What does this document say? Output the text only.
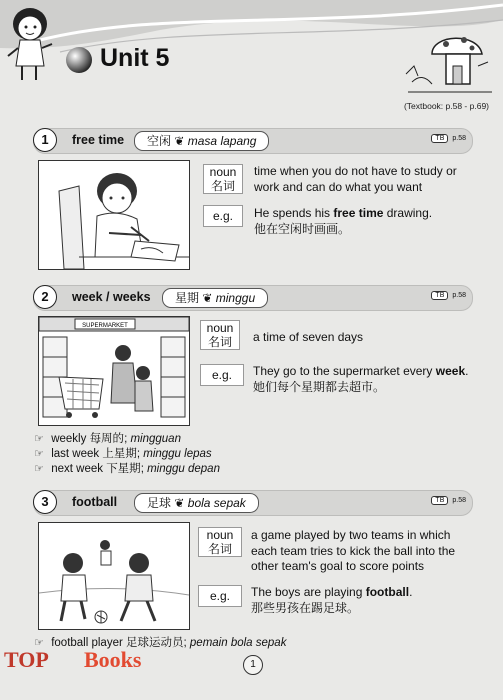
Unit 5
(Textbook: p.58 - p.69)
1	free time	空闲 ❦ masa lapang	TB p.58
noun
名词
time when you do not have to study or work and can do what you want
e.g.	He spends his free time drawing.
他在空闲时画画。
2	week / weeks	星期 ❦ minggu	TB p.58
SUPERMARKET	noun
名词	a time of seven days
e.g.	They go to the supermarket every week.
她们每个星期都去超市。
☞ weekly 每周的; mingguan
☞ last week 上星期; minggu lepas
☞ next week 下星期; minggu depan
3	football	足球 ❦ bola sepak	TB p.58
noun
名词
a game played by two teams in which each team tries to kick the ball into the other team's goal to score points
e.g.	The boys are playing football.
那些男孩在踢足球。
☞ football player 足球运动员; pemain bola sepak
1
TOP Books
